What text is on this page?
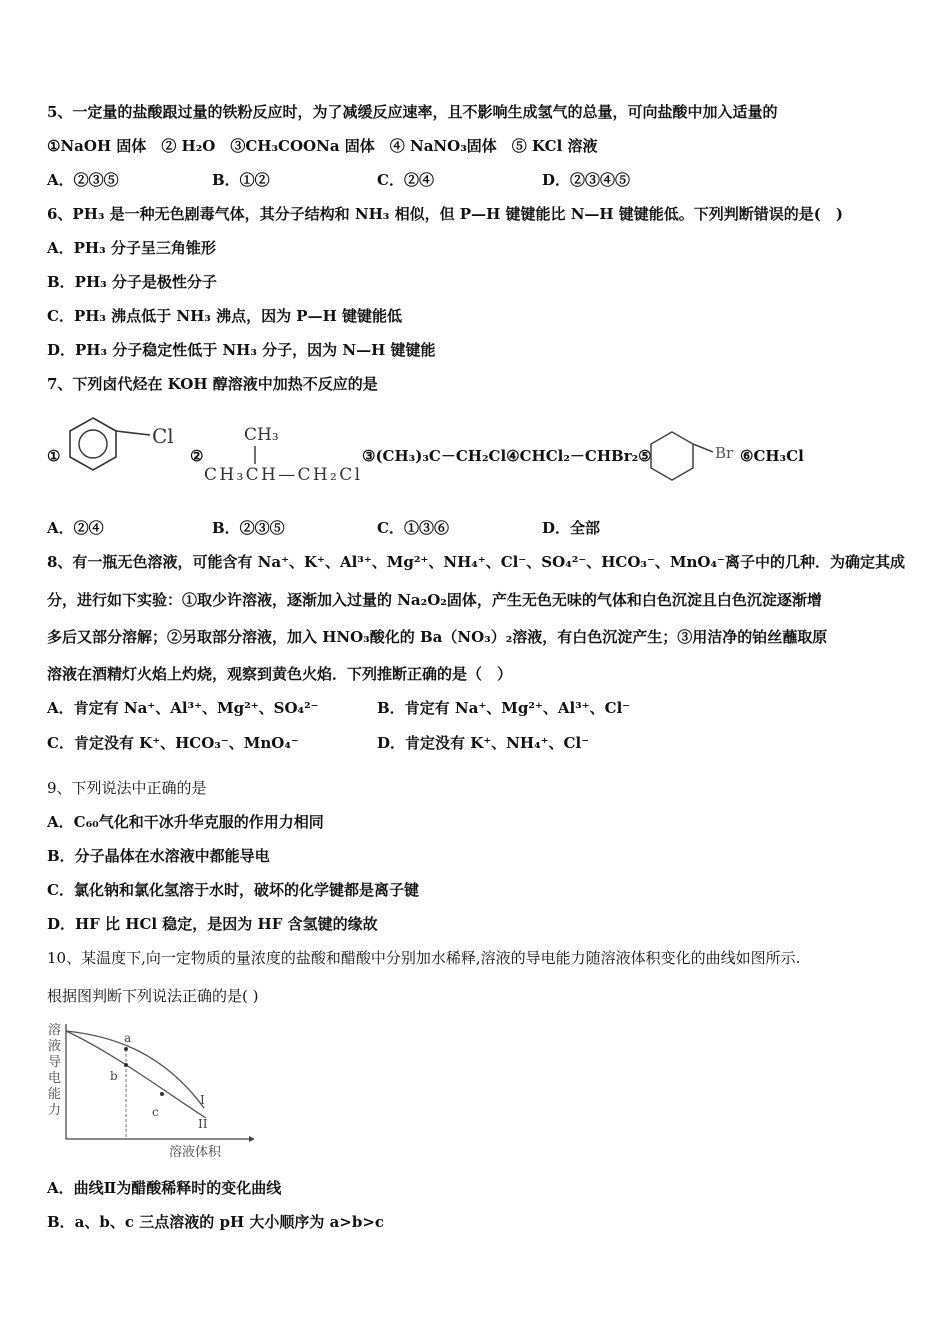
5、一定量的盐酸跟过量的铁粉反应时，为了减缓反应速率，且不影响生成氢气的总量，可向盐酸中加入适量的
①NaOH 固体　② H₂O　③CH₃COONa 固体　④ NaNO₃固体　⑤ KCl 溶液
A．②③⑤	B．①②	C．②④	D．②③④⑤
6、PH₃ 是一种无色剧毒气体，其分子结构和 NH₃ 相似，但 P—H 键键能比 N—H 键键能低。下列判断错误的是(　)
A．PH₃ 分子呈三角锥形
B．PH₃ 分子是极性分子
C．PH₃ 沸点低于 NH₃ 沸点，因为 P—H 键键能低
D．PH₃ 分子稳定性低于 NH₃ 分子，因为 N—H 键键能
7、下列卤代烃在 KOH 醇溶液中加热不反应的是
①
Cl
②
CH₃
CH₃CH—CH₂Cl
③(CH₃)₃C－CH₂Cl④CHCl₂－CHBr₂⑤	Br ⑥CH₃Cl
A．②④	B．②③⑤	C．①③⑥	D．全部
8、有一瓶无色溶液，可能含有 Na⁺、K⁺、Al³⁺、Mg²⁺、NH₄⁺、Cl⁻、SO₄²⁻、HCO₃⁻、MnO₄⁻离子中的几种．为确定其成
分，进行如下实验：①取少许溶液，逐渐加入过量的 Na₂O₂固体，产生无色无味的气体和白色沉淀且白色沉淀逐渐增
多后又部分溶解；②另取部分溶液，加入 HNO₃酸化的 Ba（NO₃）₂溶液，有白色沉淀产生；③用洁净的铂丝蘸取原
溶液在酒精灯火焰上灼烧，观察到黄色火焰．下列推断正确的是（　）
A．肯定有 Na⁺、Al³⁺、Mg²⁺、SO₄²⁻	B．肯定有 Na⁺、Mg²⁺、Al³⁺、Cl⁻
C．肯定没有 K⁺、HCO₃⁻、MnO₄⁻	D．肯定没有 K⁺、NH₄⁺、Cl⁻
9、下列说法中正确的是
A．C₆₀气化和干冰升华克服的作用力相同
B．分子晶体在水溶液中都能导电
C．氯化钠和氯化氢溶于水时，破坏的化学键都是离子键
D．HF 比 HCl 稳定，是因为 HF 含氢键的缘故
10、某温度下,向一定物质的量浓度的盐酸和醋酸中分别加水稀释,溶液的导电能力随溶液体积变化的曲线如图所示.
根据图判断下列说法正确的是( )
溶
液
导
电
能
力
a
b
c
I
II
溶液体积
A．曲线Ⅱ为醋酸稀释时的变化曲线
B．a、b、c 三点溶液的 pH 大小顺序为 a>b>c
